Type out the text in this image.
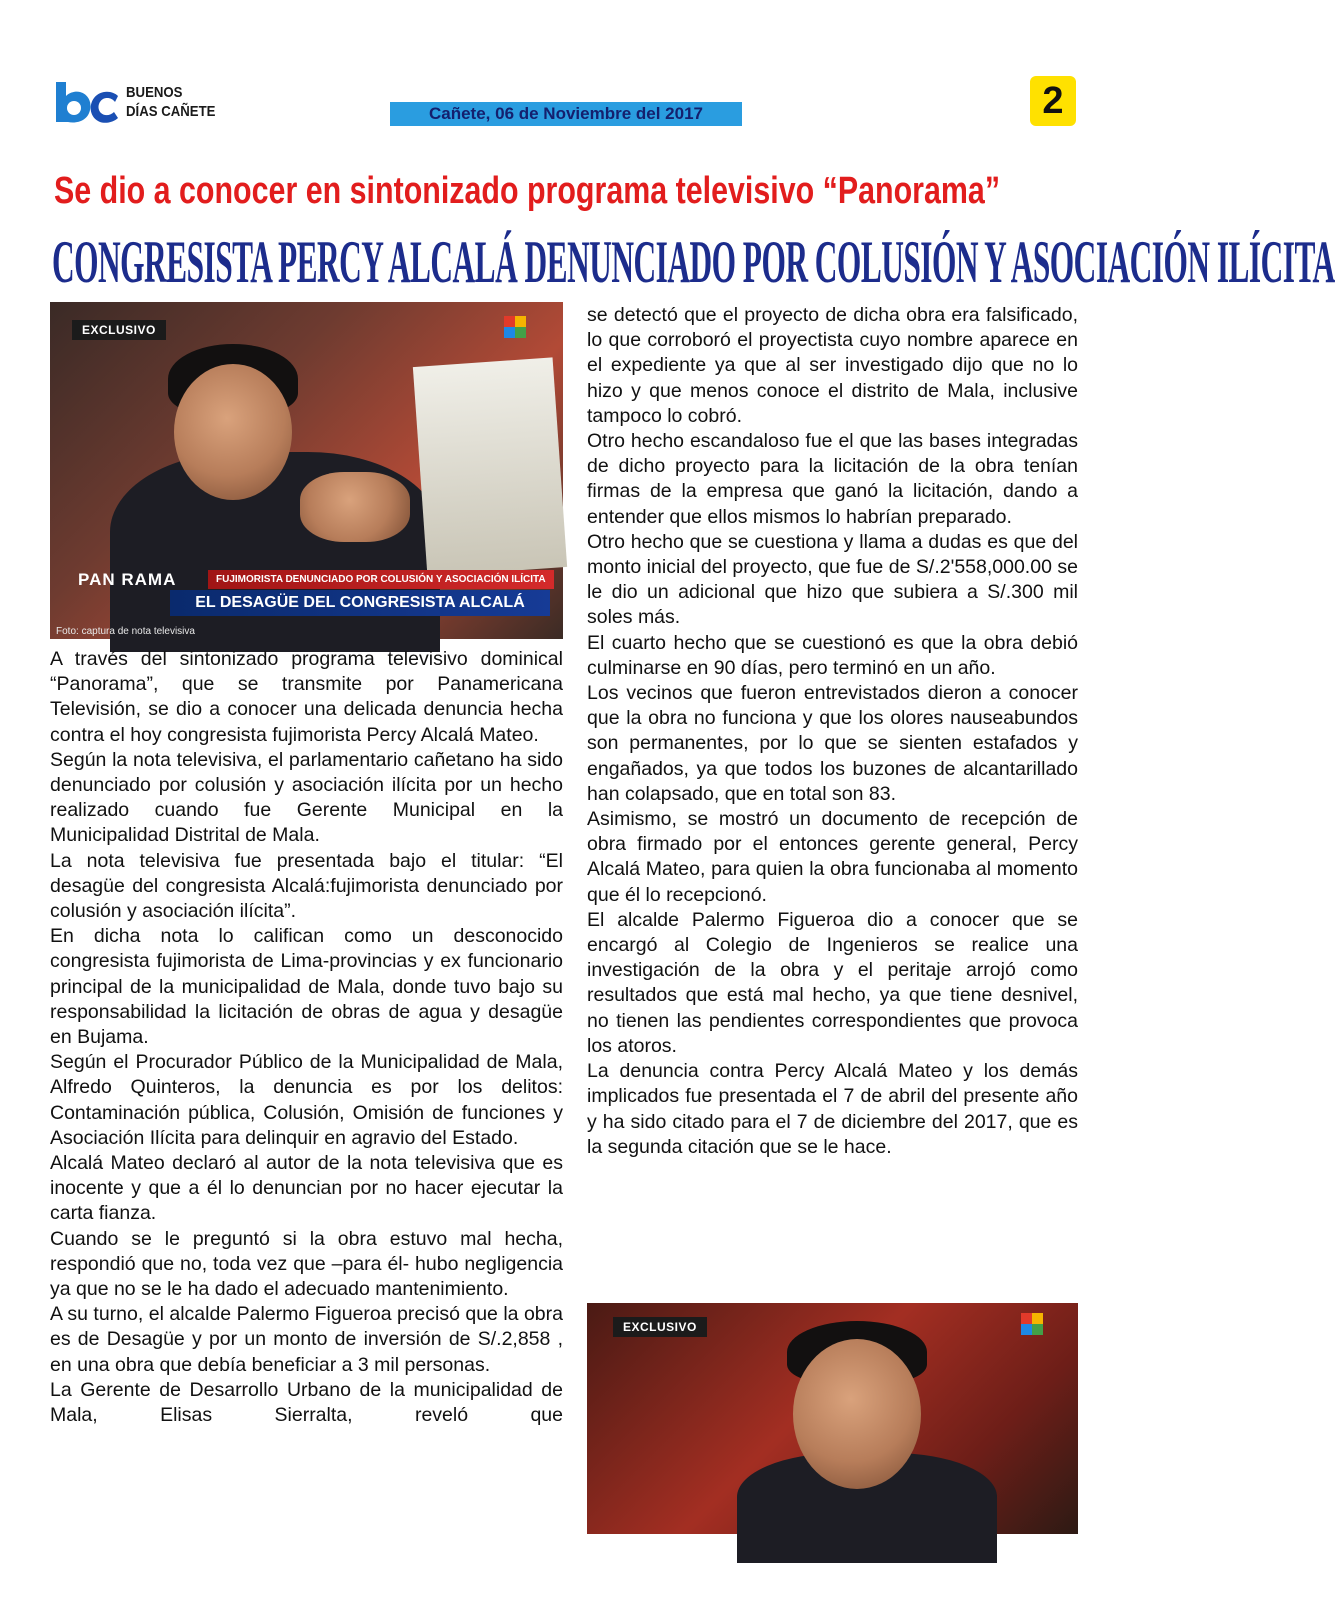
BUENOS
DÍAS CAÑETE	Cañete, 06 de Noviembre del 2017	2
Se dio a conocer en sintonizado programa televisivo “Panorama”
CONGRESISTA PERCY ALCALÁ DENUNCIADO POR COLUSIÓN Y ASOCIACIÓN ILÍCITA
EXCLUSIVO
PAN RAMA	FUJIMORISTA DENUNCIADO POR COLUSIÓN Y ASOCIACIÓN ILÍCITA
EL DESAGÜE DEL CONGRESISTA ALCALÁ
Foto: captura de nota televisiva

A través del sintonizado programa televisivo dominical “Panorama”, que se transmite por Panamericana Televisión, se dio a conocer una delicada denuncia hecha contra el hoy congresista fujimorista Percy Alcalá Mateo.

Según la nota televisiva, el parlamentario cañetano ha sido denunciado por colusión y asociación ilícita por un hecho realizado cuando fue Gerente Municipal en la Municipalidad Distrital de Mala.

La nota televisiva fue presentada bajo el titular: “El desagüe del congresista Alcalá:fujimorista denunciado por colusión y asociación ilícita”.

En dicha nota lo califican como un desconocido congresista fujimorista de Lima-provincias y ex funcionario principal de la municipalidad de Mala, donde tuvo bajo su responsabilidad la licitación de obras de agua y desagüe en Bujama.

Según el Procurador Público de la Municipalidad de Mala, Alfredo Quinteros, la denuncia es por los delitos: Contaminación pública, Colusión, Omisión de funciones y Asociación Ilícita para delinquir en agravio del Estado.

Alcalá Mateo declaró al autor de la nota televisiva que es inocente y que a él lo denuncian por no hacer ejecutar la carta fianza.

Cuando se le preguntó si la obra estuvo mal hecha, respondió que no, toda vez que –para él- hubo negligencia ya que no se le ha dado el adecuado mantenimiento.

A su turno, el alcalde Palermo Figueroa precisó que la obra es de Desagüe y por un monto de inversión de S/.2,858 , en una obra que debía beneficiar a 3 mil personas.

La Gerente de Desarrollo Urbano de la municipalidad de Mala, Elisas Sierralta, reveló que

se detectó que el proyecto de dicha obra era falsificado, lo que corroboró el proyectista cuyo nombre aparece en el expediente ya que al ser investigado dijo que no lo hizo y que menos conoce el distrito de Mala, inclusive tampoco lo cobró.

Otro hecho escandaloso fue el que las bases integradas de dicho proyecto para la licitación de la obra tenían firmas de la empresa que ganó la licitación, dando a entender que ellos mismos lo habrían preparado.

Otro hecho que se cuestiona y llama a dudas es que del monto inicial del proyecto, que fue de S/.2'558,000.00 se le dio un adicional que hizo que subiera a S/.300 mil soles más.

El cuarto hecho que se cuestionó es que la obra debió culminarse en 90 días, pero terminó en un año.

Los vecinos que fueron entrevistados dieron a conocer que la obra no funciona y que los olores nauseabundos son permanentes, por lo que se sienten estafados y engañados, ya que todos los buzones de alcantarillado han colapsado, que en total son 83.

Asimismo, se mostró un documento de recepción de obra firmado por el entonces gerente general, Percy Alcalá Mateo, para quien la obra funcionaba al momento que él lo recepcionó.

El alcalde Palermo Figueroa dio a conocer que se encargó al Colegio de Ingenieros se realice una investigación de la obra y el peritaje arrojó como resultados que está mal hecho, ya que tiene desnivel, no tienen las pendientes correspondientes que provoca los atoros.

La denuncia contra Percy Alcalá Mateo y los demás implicados fue presentada el 7 de abril del presente año y ha sido citado para el 7 de diciembre del 2017, que es la segunda citación que se le hace.

EXCLUSIVO
